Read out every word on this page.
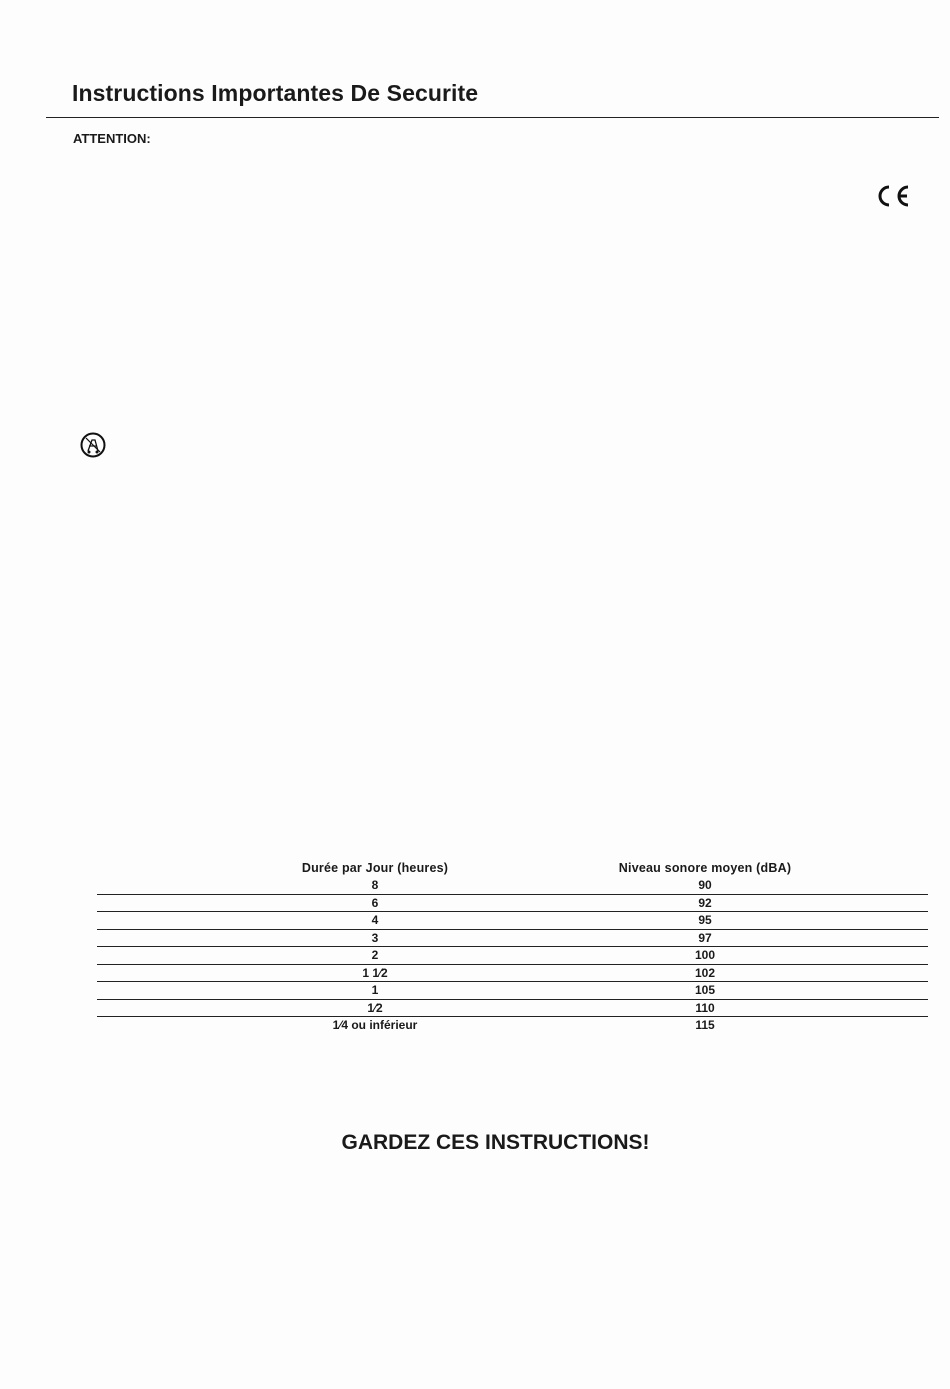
Instructions Importantes De Securite
ATTENTION:
Durée par Jour (heures)	Niveau sonore moyen (dBA)
8	90
6	92
4	95
3	97
2	100
1 1⁄2	102
1	105
1⁄2	110
1⁄4 ou inférieur	115
GARDEZ CES INSTRUCTIONS!
